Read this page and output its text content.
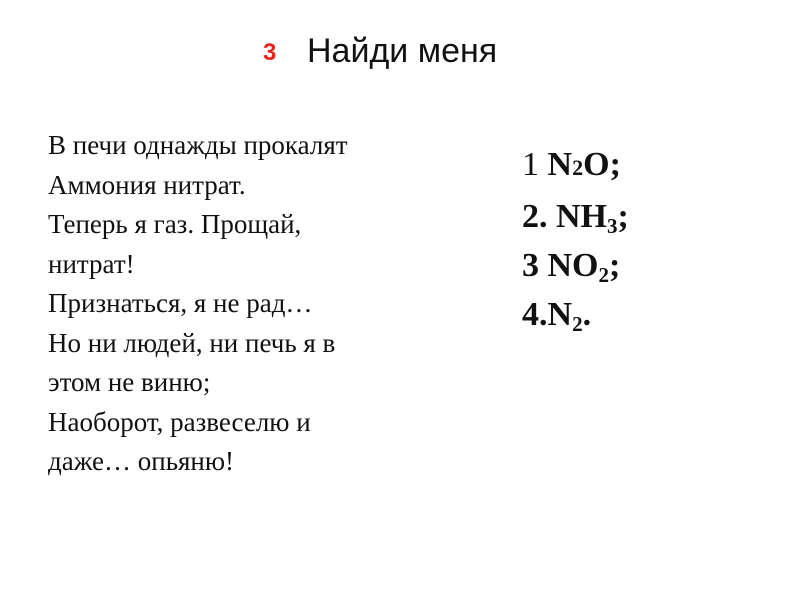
3 Найди меня
В печи однажды прокалят
Аммония нитрат.
Теперь я газ. Прощай,
нитрат!
Признаться, я не рад…
Но ни людей, ни печь я в
этом не виню;
Наоборот, развеселю и
даже… опьяню!
1 N2O;
2. $NH_3$;
3 $NO_2$;
$4.N_2$.
